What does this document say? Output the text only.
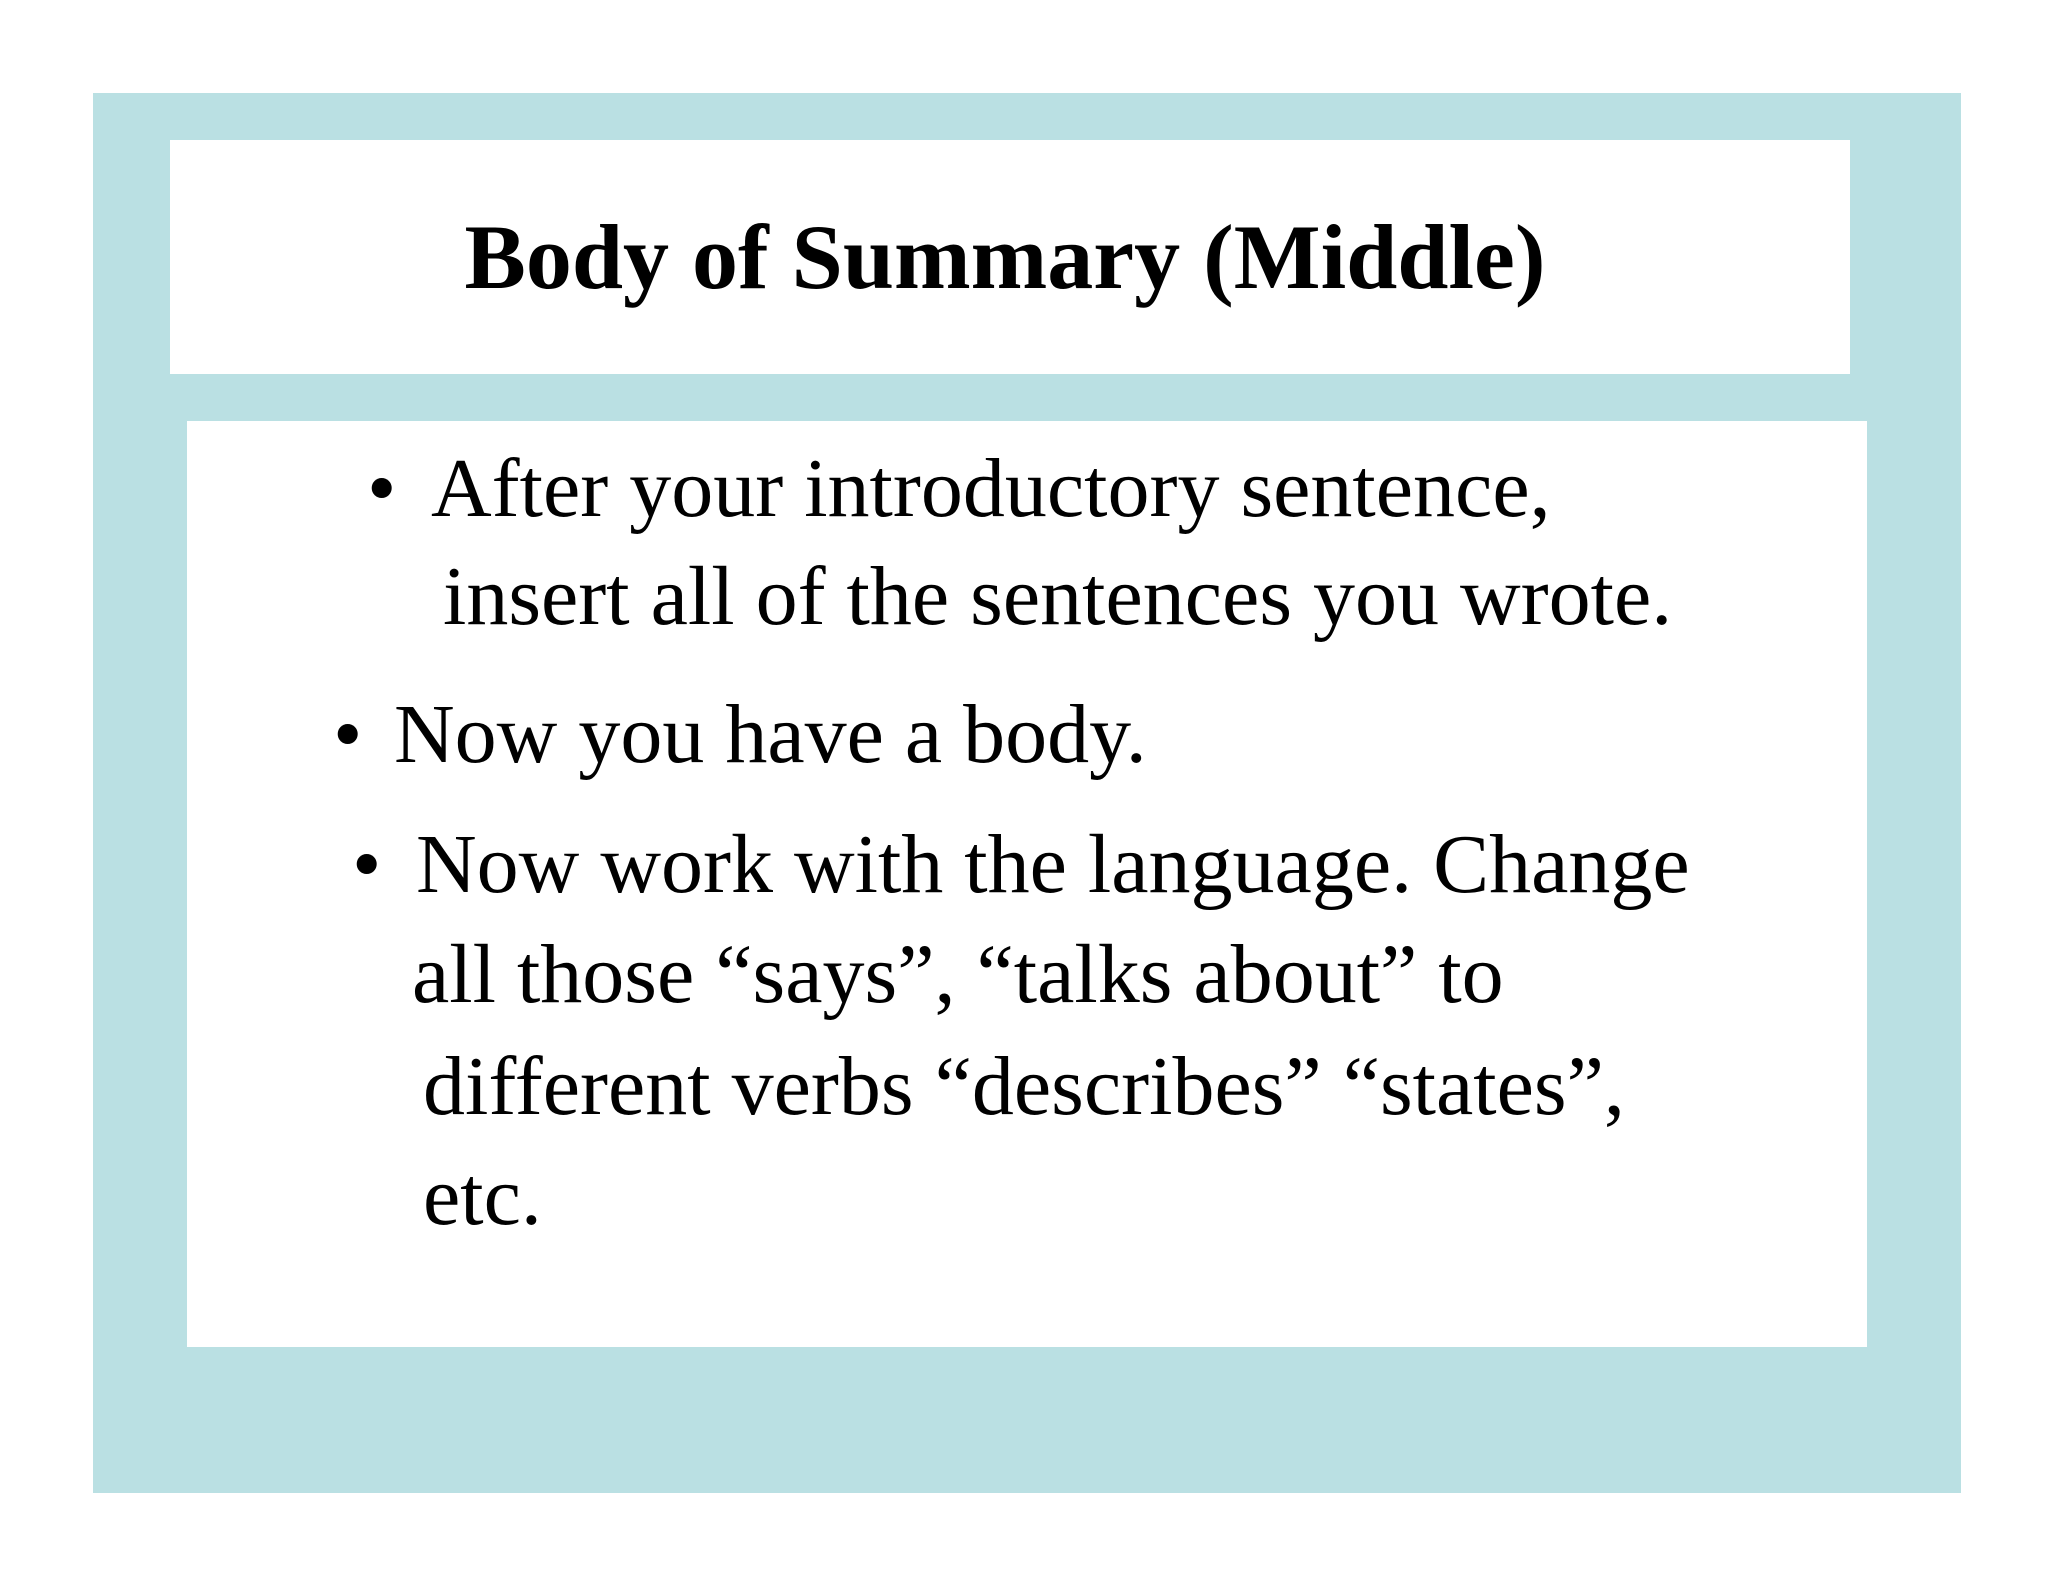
Body of Summary (Middle)
• After your introductory sentence,
insert all of the sentences you wrote.
• Now you have a body.
• Now work with the language. Change
all those “says”, “talks about” to
different verbs “describes” “states”,
etc.
